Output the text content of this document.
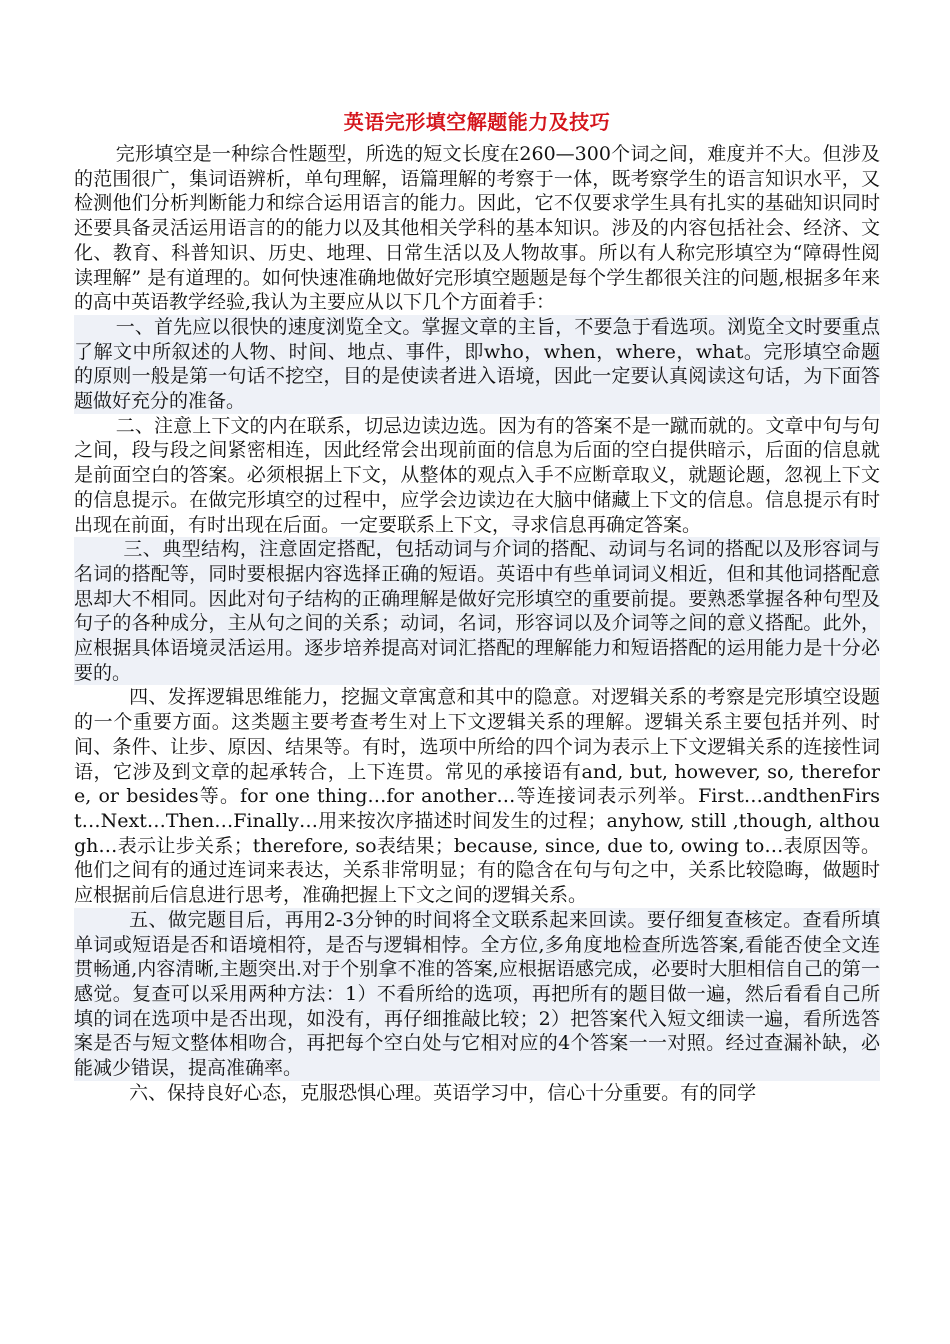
英语完形填空解题能力及技巧

完形填空是一种综合性题型，所选的短文长度在260—300个词之间，难度并不大。但涉及的范围很广，集词语辨析，单句理解，语篇理解的考察于一体，既考察学生的语言知识水平，又检测他们分析判断能力和综合运用语言的能力。因此，它不仅要求学生具有扎实的基础知识同时还要具备灵活运用语言的的能力以及其他相关学科的基本知识。涉及的内容包括社会、经济、文化、教育、科普知识、历史、地理、日常生活以及人物故事。所以有人称完形填空为“障碍性阅读理解” 是有道理的。如何快速准确地做好完形填空题题是每个学生都很关注的问题,根据多年来的高中英语教学经验,我认为主要应从以下几个方面着手：

一、首先应以很快的速度浏览全文。掌握文章的主旨，不要急于看选项。浏览全文时要重点了解文中所叙述的人物、时间、地点、事件，即who，when，where，what。完形填空命题的原则一般是第一句话不挖空，目的是使读者进入语境，因此一定要认真阅读这句话，为下面答题做好充分的准备。

二、注意上下文的内在联系，切忌边读边选。因为有的答案不是一蹴而就的。文章中句与句之间，段与段之间紧密相连，因此经常会出现前面的信息为后面的空白提供暗示，后面的信息就是前面空白的答案。必须根据上下文，从整体的观点入手不应断章取义，就题论题，忽视上下文的信息提示。在做完形填空的过程中，应学会边读边在大脑中储藏上下文的信息。信息提示有时出现在前面，有时出现在后面。一定要联系上下文，寻求信息再确定答案。

三、典型结构，注意固定搭配，包括动词与介词的搭配、动词与名词的搭配以及形容词与名词的搭配等，同时要根据内容选择正确的短语。英语中有些单词词义相近，但和其他词搭配意思却大不相同。因此对句子结构的正确理解是做好完形填空的重要前提。要熟悉掌握各种句型及句子的各种成分，主从句之间的关系；动词，名词，形容词以及介词等之间的意义搭配。此外，应根据具体语境灵活运用。逐步培养提高对词汇搭配的理解能力和短语搭配的运用能力是十分必要的。

四、发挥逻辑思维能力，挖掘文章寓意和其中的隐意。对逻辑关系的考察是完形填空设题的一个重要方面。这类题主要考查考生对上下文逻辑关系的理解。逻辑关系主要包括并列、时间、条件、让步、原因、结果等。有时，选项中所给的四个词为表示上下文逻辑关系的连接性词语，它涉及到文章的起承转合，上下连贯。常见的承接语有and, but, however, so, therefore, or besides等。for one thing…for another…等连接词表示列举。First…andthenFirst…Next…Then…Finally…用来按次序描述时间发生的过程；anyhow, still ,though, although…表示让步关系；therefore, so表结果；because, since, due to, owing to…表原因等。他们之间有的通过连词来表达，关系非常明显；有的隐含在句与句之中，关系比较隐晦，做题时应根据前后信息进行思考，准确把握上下文之间的逻辑关系。

五、做完题目后，再用2-3分钟的时间将全文联系起来回读。要仔细复查核定。查看所填单词或短语是否和语境相符，是否与逻辑相悖。全方位,多角度地检查所选答案,看能否使全文连贯畅通,内容清晰,主题突出.对于个别拿不准的答案,应根据语感完成，必要时大胆相信自己的第一感觉。复查可以采用两种方法：1）不看所给的选项，再把所有的题目做一遍，然后看看自己所填的词在选项中是否出现，如没有，再仔细推敲比较；2）把答案代入短文细读一遍，看所选答案是否与短文整体相吻合，再把每个空白处与它相对应的4个答案一一对照。经过查漏补缺，必能减少错误，提高准确率。

六、保持良好心态，克服恐惧心理。英语学习中，信心十分重要。有的同学
